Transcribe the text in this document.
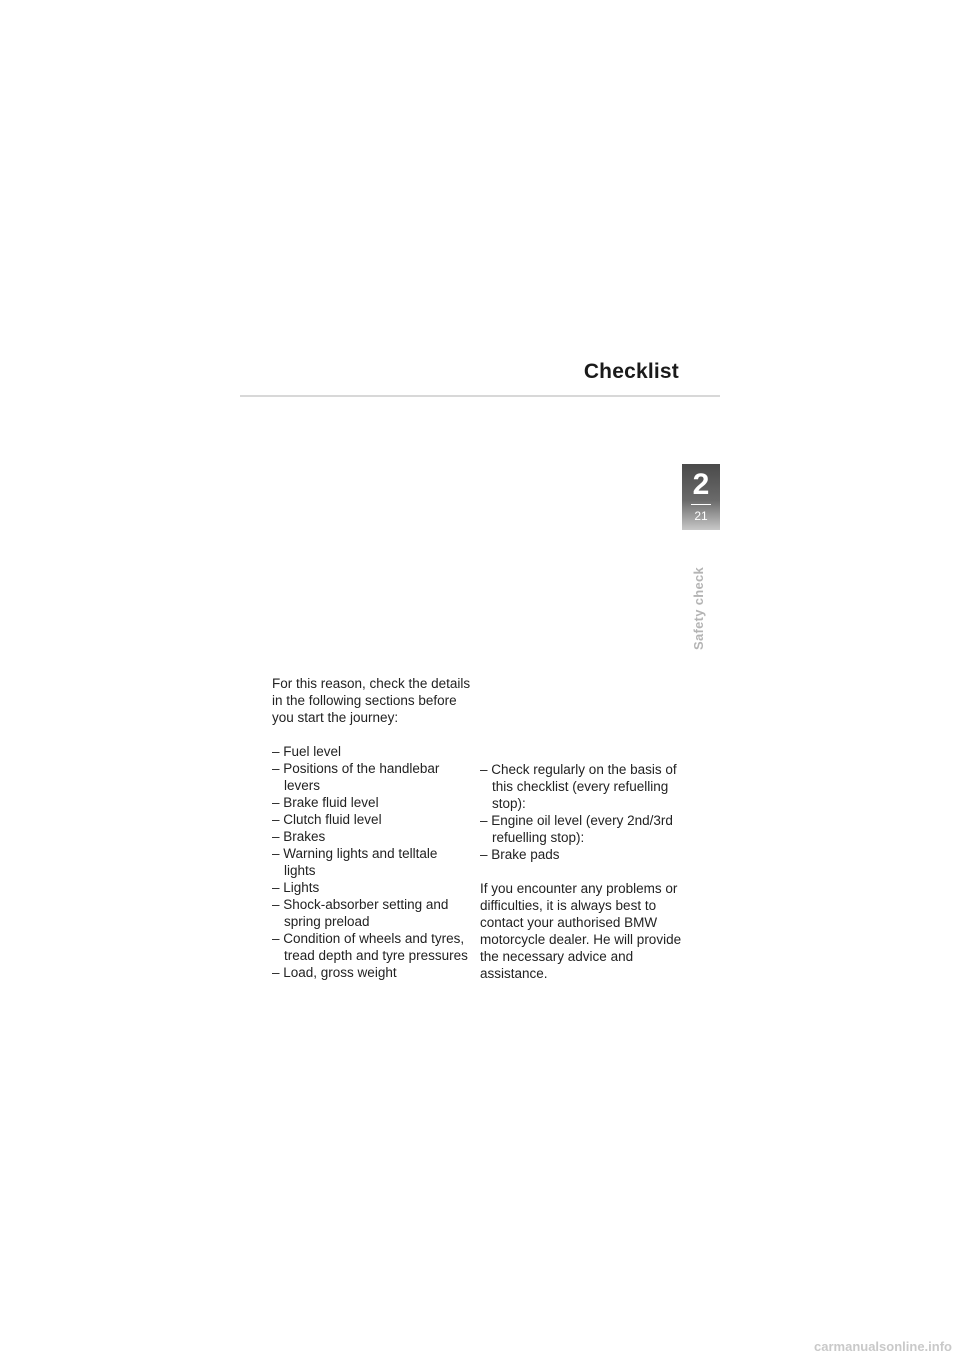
Checklist
2
21
Safety check

For this reason, check the details in the following sections before you start the journey:

– Fuel level
– Positions of the handlebar levers
– Brake fluid level
– Clutch fluid level
– Brakes
– Warning lights and telltale lights
– Lights
– Shock-absorber setting and spring preload
– Condition of wheels and tyres, tread depth and tyre pressures
– Load, gross weight
– Check regularly on the basis of this checklist (every refuelling stop):
– Engine oil level (every 2nd/3rd refuelling stop):
– Brake pads

If you encounter any problems or difficulties, it is always best to contact your authorised BMW motorcycle dealer. He will provide the necessary advice and assistance.

carmanualsonline.info
